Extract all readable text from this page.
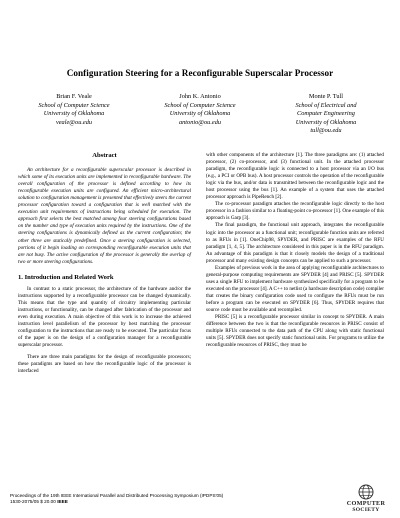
Configuration Steering for a Reconfigurable Superscalar Processor
Brian F. Veale
School of Computer Science
University of Oklahoma
veale@ou.edu
John K. Antonio
School of Computer Science
University of Oklahoma
antonio@ou.edu
Monte P. Tull
School of Electrical and
Computer Engineering
University of Oklahoma
tull@ou.edu
Abstract

An architecture for a reconfigurable superscalar processor is described in which some of its execution units are implemented in reconfigurable hardware. The overall configuration of the processor is defined according to how its reconfigurable execution units are configured. An efficient micro-architectural solution to configuration management is presented that effectively steers the current processor configuration toward a configuration that is well matched with the execution unit requirements of instructions being scheduled for execution. The approach first selects the best matched among four steering configurations based on the number and type of execution units required by the instructions. One of the steering configurations is dynamically defined as the current configuration; the other three are statically predefined. Once a steering configuration is selected, portions of it begin loading on corresponding reconfigurable execution units that are not busy. The active configuration of the processor is generally the overlap of two or more steering configurations.

1. Introduction and Related Work

In contrast to a static processor, the architecture of the hardware and/or the instructions supported by a reconfigurable processor can be changed dynamically. This means that the type and quantity of circuitry implementing particular instructions, or functionality, can be changed after fabrication of the processor and even during execution. A main objective of this work is to increase the achieved instruction level parallelism of the processor by best matching the processor configuration to the instructions that are ready to be executed. The particular focus of the paper is on the design of a configuration manager for a reconfigurable superscalar processor.

There are three main paradigms for the design of reconfigurable processors; these paradigms are based on how the reconfigurable logic of the processor is interfaced

with other components of the architecture [1]. The three paradigms are: (1) attached processor, (2) co-processor, and (3) functional unit. In the attached processor paradigm, the reconfigurable logic is connected to a host processor via an I/O bus (e.g., a PCI or OPB bus). A host processor controls the operation of the reconfigurable logic via the bus, and/or data is transmitted between the reconfigurable logic and the host processor using the bus [1]. An example of a system that uses the attached processor approach is PipeRench [2].

The co-processor paradigm attaches the reconfigurable logic directly to the host processor in a fashion similar to a floating-point co-processor [1]. One example of this approach is Garp [3].

The final paradigm, the functional unit approach, integrates the reconfigurable logic into the processor as a functional unit; reconfigurable function units are referred to as RFUs in [1]. OneChip98, SPYDER, and PRISC are examples of the RFU paradigm [1, 4, 5]. The architecture considered in this paper is in the RFU paradigm. An advantage of this paradigm is that it closely models the design of a traditional processor and many existing design concepts can be applied to such a processor.

Examples of previous work in the area of applying reconfigurable architectures to general-purpose computing requirements are SPYDER [4] and PRISC [5]. SPYDER uses a single RFU to implement hardware synthesized specifically for a program to be executed on the processor [4]. A C++ to netlist (a hardware description code) compiler that creates the binary configuration code used to configure the RFUs must be run before a program can be executed on SPYDER [6]. Thus, SPYDER requires that source code must be available and recompiled.

PRISC [5] is a reconfigurable processor similar in concept to SPYDER. A main difference between the two is that the reconfigurable resources in PRISC consist of multiple RFUs connected to the data path of the CPU along with static functional units [5]. SPYDER does not specify static functional units. For programs to utilize the reconfigurable resources of PRISC, they must be

Proceedings of the 19th IEEE International Parallel and Distributed Processing Symposium (IPDPS'05)
1530-2075/05 $ 20.00 IEEE	COMPUTER
SOCIETY
